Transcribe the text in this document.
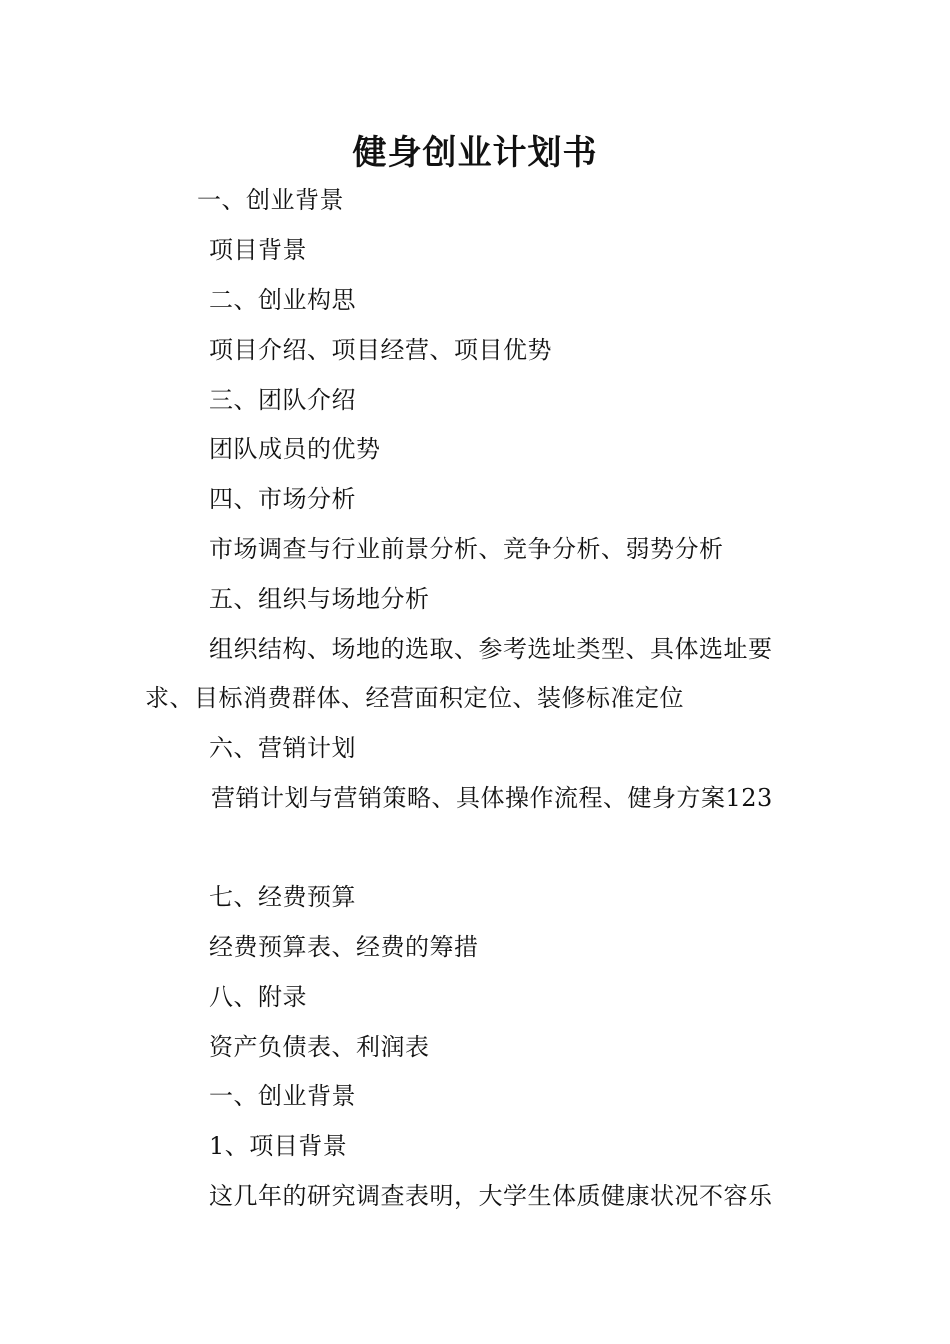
健身创业计划书
一、创业背景
项目背景
二、创业构思
项目介绍、项目经营、项目优势
三、团队介绍
团队成员的优势
四、市场分析
市场调查与行业前景分析、竞争分析、弱势分析
五、组织与场地分析
组织结构、场地的选取、参考选址类型、具体选址要
求、目标消费群体、经营面积定位、装修标准定位
六、营销计划
营销计划与营销策略、具体操作流程、健身方案123
七、经费预算
经费预算表、经费的筹措
八、附录
资产负债表、利润表
一、创业背景
1、项目背景
这几年的研究调查表明，大学生体质健康状况不容乐
